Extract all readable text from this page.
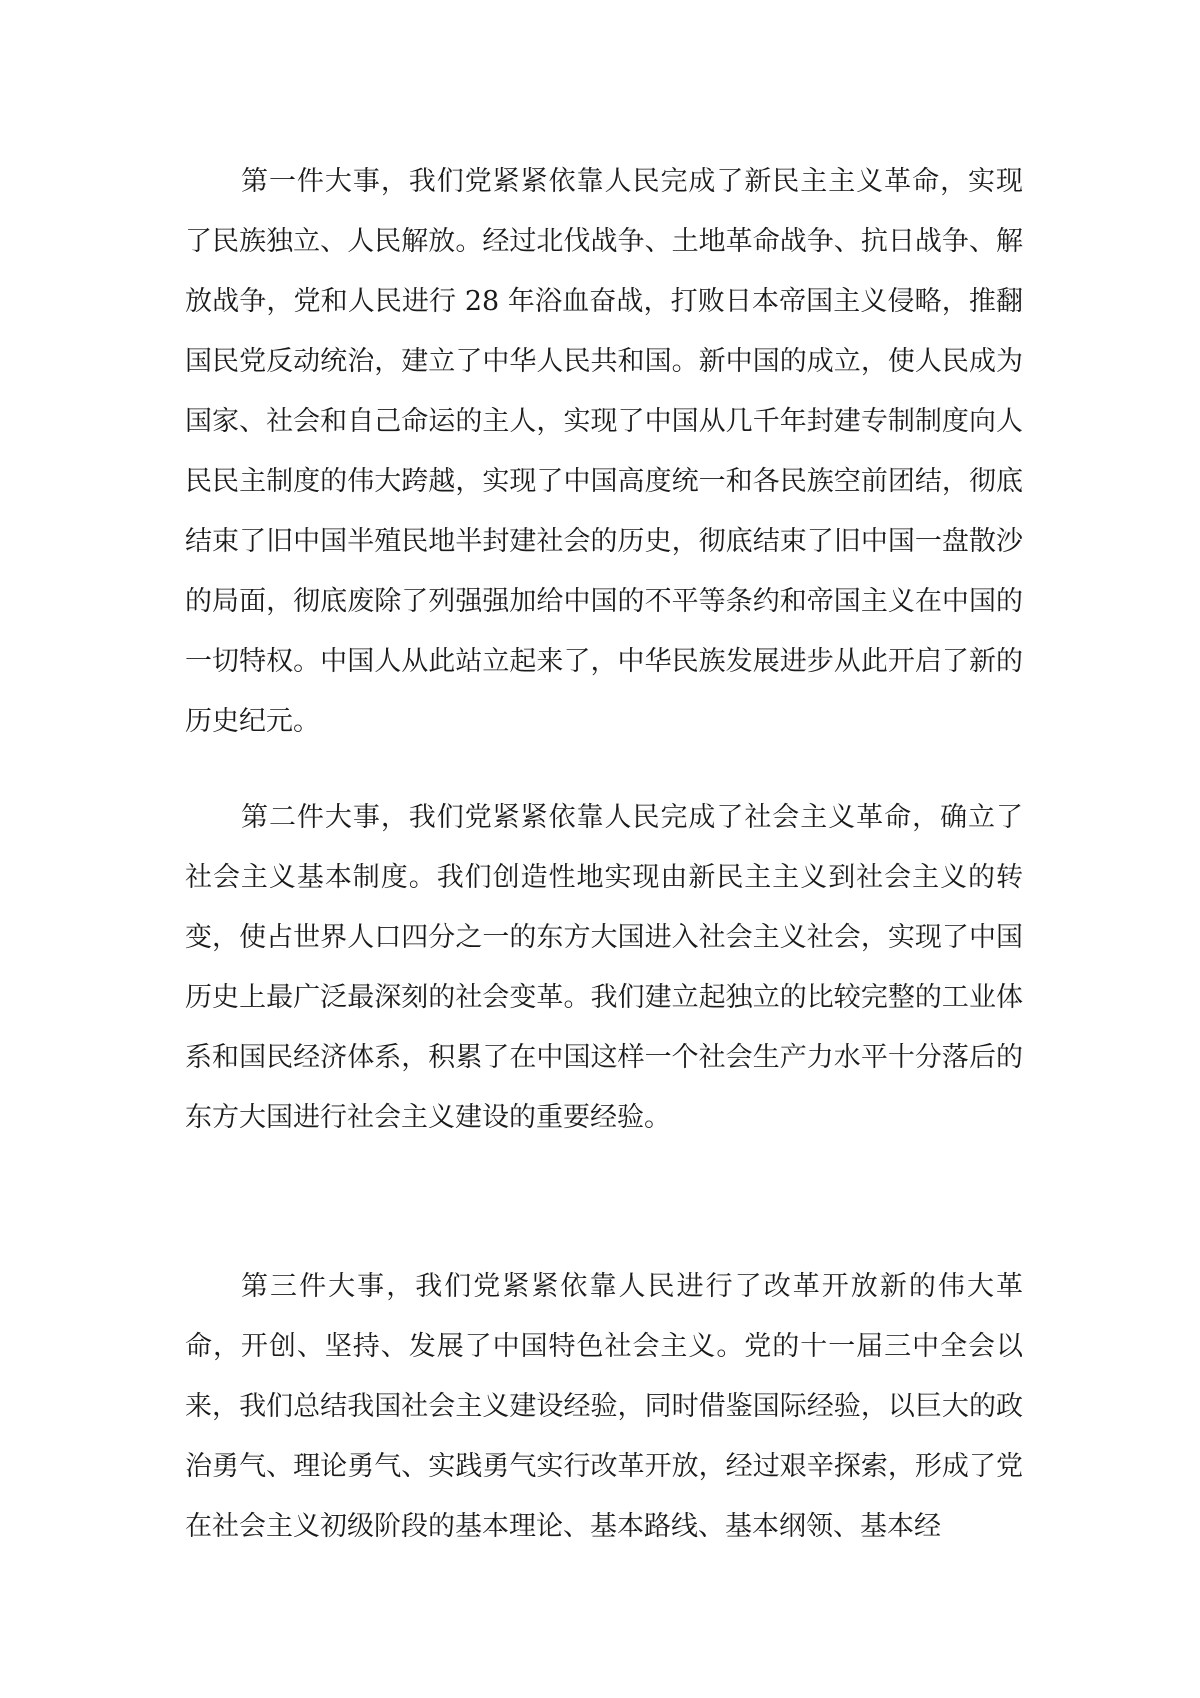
第一件大事，我们党紧紧依靠人民完成了新民主主义革命，实现了民族独立、人民解放。经过北伐战争、土地革命战争、抗日战争、解放战争，党和人民进行 28 年浴血奋战，打败日本帝国主义侵略，推翻国民党反动统治，建立了中华人民共和国。新中国的成立，使人民成为国家、社会和自己命运的主人，实现了中国从几千年封建专制制度向人民民主制度的伟大跨越，实现了中国高度统一和各民族空前团结，彻底结束了旧中国半殖民地半封建社会的历史，彻底结束了旧中国一盘散沙的局面，彻底废除了列强强加给中国的不平等条约和帝国主义在中国的一切特权。中国人从此站立起来了，中华民族发展进步从此开启了新的历史纪元。

第二件大事，我们党紧紧依靠人民完成了社会主义革命，确立了社会主义基本制度。我们创造性地实现由新民主主义到社会主义的转变，使占世界人口四分之一的东方大国进入社会主义社会，实现了中国历史上最广泛最深刻的社会变革。我们建立起独立的比较完整的工业体系和国民经济体系，积累了在中国这样一个社会生产力水平十分落后的东方大国进行社会主义建设的重要经验。

第三件大事，我们党紧紧依靠人民进行了改革开放新的伟大革命，开创、坚持、发展了中国特色社会主义。党的十一届三中全会以来，我们总结我国社会主义建设经验，同时借鉴国际经验，以巨大的政治勇气、理论勇气、实践勇气实行改革开放，经过艰辛探索，形成了党在社会主义初级阶段的基本理论、基本路线、基本纲领、基本经
